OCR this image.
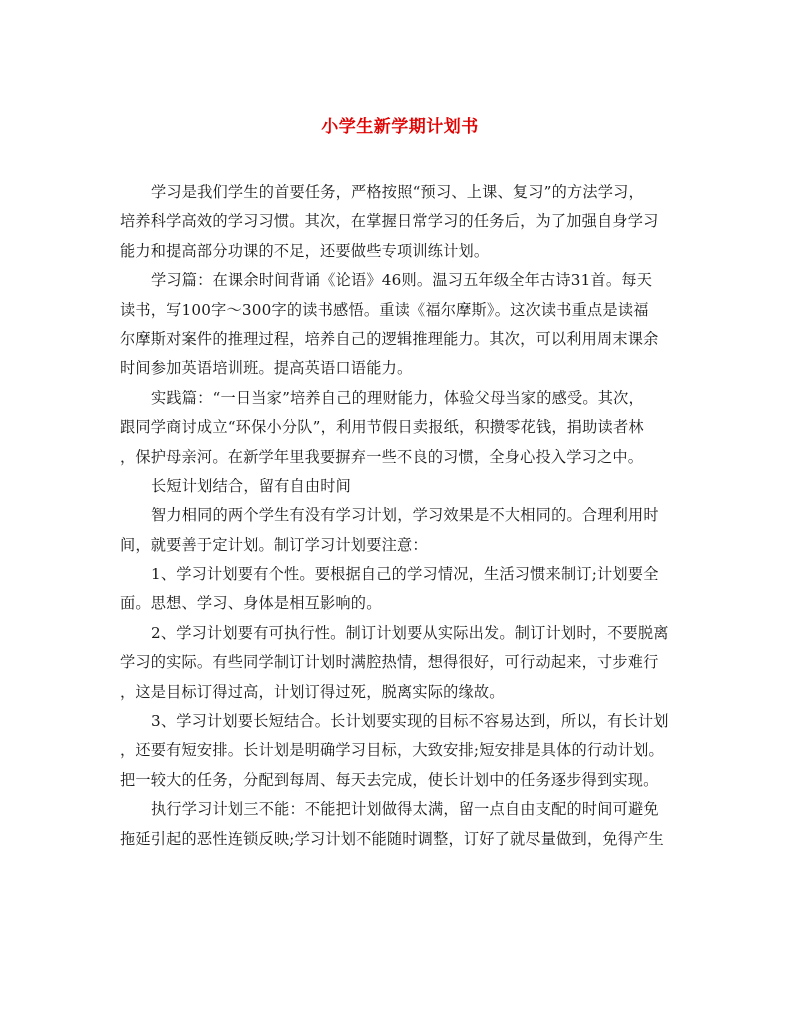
小学生新学期计划书
学习是我们学生的首要任务，严格按照“预习、上课、复习”的方法学习，
培养科学高效的学习习惯。其次，在掌握日常学习的任务后，为了加强自身学习
能力和提高部分功课的不足，还要做些专项训练计划。
学习篇：在课余时间背诵《论语》46则。温习五年级全年古诗31首。每天
读书，写100字～300字的读书感悟。重读《福尔摩斯》。这次读书重点是读福
尔摩斯对案件的推理过程，培养自己的逻辑推理能力。其次，可以利用周末课余
时间参加英语培训班。提高英语口语能力。
实践篇：“一日当家”培养自己的理财能力，体验父母当家的感受。其次，
跟同学商讨成立“环保小分队”，利用节假日卖报纸，积攒零花钱，捐助读者林
，保护母亲河。在新学年里我要摒弃一些不良的习惯，全身心投入学习之中。
长短计划结合，留有自由时间
智力相同的两个学生有没有学习计划，学习效果是不大相同的。合理利用时
间，就要善于定计划。制订学习计划要注意：
1、学习计划要有个性。要根据自己的学习情况，生活习惯来制订;计划要全
面。思想、学习、身体是相互影响的。
2、学习计划要有可执行性。制订计划要从实际出发。制订计划时，不要脱离
学习的实际。有些同学制订计划时满腔热情，想得很好，可行动起来，寸步难行
，这是目标订得过高，计划订得过死，脱离实际的缘故。
3、学习计划要长短结合。长计划要实现的目标不容易达到，所以，有长计划
，还要有短安排。长计划是明确学习目标，大致安排;短安排是具体的行动计划。
把一较大的任务，分配到每周、每天去完成，使长计划中的任务逐步得到实现。
执行学习计划三不能：不能把计划做得太满，留一点自由支配的时间可避免
拖延引起的恶性连锁反映;学习计划不能随时调整，订好了就尽量做到，免得产生
